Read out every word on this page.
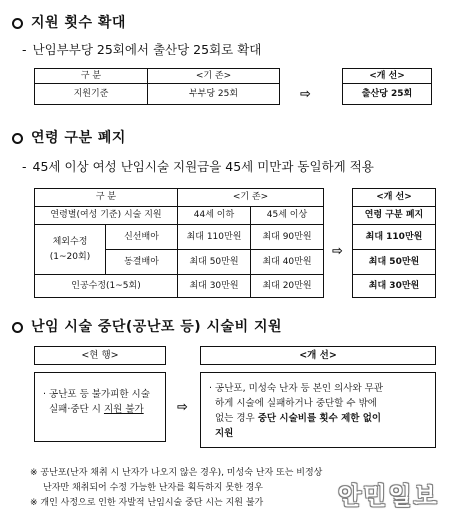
지원 횟수 확대
- 난임부부당 25회에서 출산당 25회로 확대
구 분	<기 존>
지원기준	부부당 25회	⇨
<개 선>
출산당 25회
연령 구분 폐지
- 45세 이상 여성 난임시술 지원금을 45세 미만과 동일하게 적용
구 분		<기 존>	
연령별(여성 기준) 시술 지원		44세 이하	45세 이상
체외수정
(1~20회)	신선배아	최대 110만원	최대 90만원
	동결배아	최대 50만원	최대 40만원
인공수정(1~5회)		최대 30만원	최대 20만원
⇨
<개 선>
연령 구분 폐지
최대 110만원
최대 50만원
최대 30만원
난임 시술 중단(공난포 등) 시술비 지원
<현 행>
· 공난포 등 불가피한 시술
실패·중단 시 지원 불가	⇨
<개 선>
· 공난포, 미성숙 난자 등 본인 의사와 무관
하게 시술에 실패하거나 중단할 수 밖에
없는 경우 중단 시술비를 횟수 제한 없이
지원
※ 공난포(난자 채취 시 난자가 나오지 않은 경우), 미성숙 난자 또는 비정상
난자만 채취되어 수정 가능한 난자를 획득하지 못한 경우
※ 개인 사정으로 인한 자발적 난임시술 중단 시는 지원 불가	안민일보
